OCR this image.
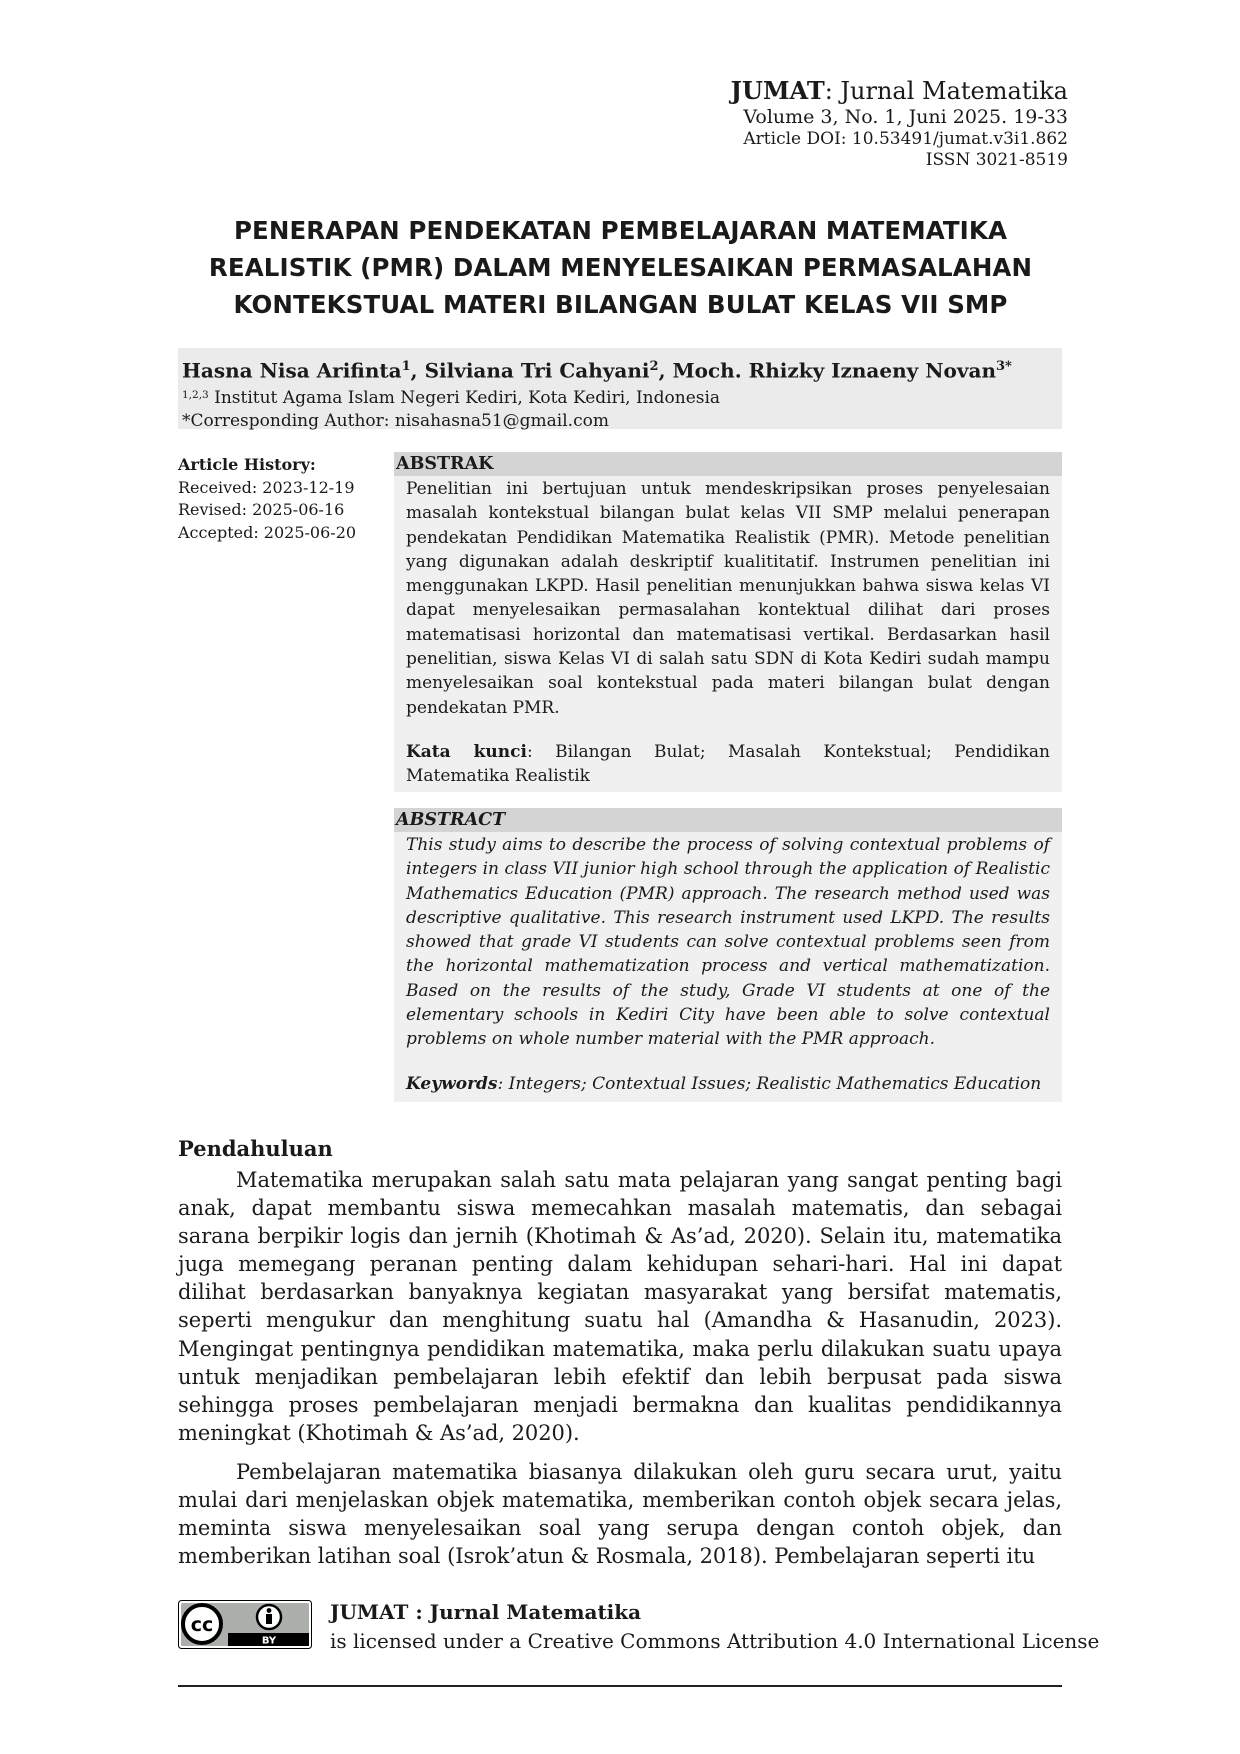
JUMAT: Jurnal Matematika
Volume 3, No. 1, Juni 2025. 19-33
Article DOI: 10.53491/jumat.v3i1.862
ISSN 3021-8519
PENERAPAN PENDEKATAN PEMBELAJARAN MATEMATIKA
REALISTIK (PMR) DALAM MENYELESAIKAN PERMASALAHAN
KONTEKSTUAL MATERI BILANGAN BULAT KELAS VII SMP
Hasna Nisa Arifinta$^1$, Silviana Tri Cahyani$^2$, Moch. Rhizky Iznaeny Novan$^{3*}$
$^{1,2,3}$ Institut Agama Islam Negeri Kediri, Kota Kediri, Indonesia
*Corresponding Author: nisahasna51@gmail.com
Article History:
Received: 2023-12-19
Revised: 2025-06-16
Accepted: 2025-06-20
ABSTRAK
Penelitian ini bertujuan untuk mendeskripsikan proses penyelesaian masalah kontekstual bilangan bulat kelas VII SMP melalui penerapan pendekatan Pendidikan Matematika Realistik (PMR). Metode penelitian yang digunakan adalah deskriptif kualititatif. Instrumen penelitian ini menggunakan LKPD. Hasil penelitian menunjukkan bahwa siswa kelas VI dapat menyelesaikan permasalahan kontektual dilihat dari proses matematisasi horizontal dan matematisasi vertikal. Berdasarkan hasil penelitian, siswa Kelas VI di salah satu SDN di Kota Kediri sudah mampu menyelesaikan soal kontekstual pada materi bilangan bulat dengan pendekatan PMR.
Kata kunci: Bilangan Bulat; Masalah Kontekstual; Pendidikan Matematika Realistik
ABSTRACT
This study aims to describe the process of solving contextual problems of integers in class VII junior high school through the application of Realistic Mathematics Education (PMR) approach. The research method used was descriptive qualitative. This research instrument used LKPD. The results showed that grade VI students can solve contextual problems seen from the horizontal mathematization process and vertical mathematization. Based on the results of the study, Grade VI students at one of the elementary schools in Kediri City have been able to solve contextual problems on whole number material with the PMR approach.
Keywords: Integers; Contextual Issues; Realistic Mathematics Education
Pendahuluan
Matematika merupakan salah satu mata pelajaran yang sangat penting bagi anak, dapat membantu siswa memecahkan masalah matematis, dan sebagai sarana berpikir logis dan jernih (Khotimah & As’ad, 2020). Selain itu, matematika juga memegang peranan penting dalam kehidupan sehari-hari. Hal ini dapat dilihat berdasarkan banyaknya kegiatan masyarakat yang bersifat matematis, seperti mengukur dan menghitung suatu hal (Amandha & Hasanudin, 2023). Mengingat pentingnya pendidikan matematika, maka perlu dilakukan suatu upaya untuk menjadikan pembelajaran lebih efektif dan lebih berpusat pada siswa sehingga proses pembelajaran menjadi bermakna dan kualitas pendidikannya meningkat (Khotimah & As’ad, 2020).
Pembelajaran matematika biasanya dilakukan oleh guru secara urut, yaitu mulai dari menjelaskan objek matematika, memberikan contoh objek secara jelas, meminta siswa menyelesaikan soal yang serupa dengan contoh objek, dan memberikan latihan soal (Isrok’atun & Rosmala, 2018). Pembelajaran seperti itu
cc
BY
JUMAT : Jurnal Matematika
is licensed under a Creative Commons Attribution 4.0 International License
